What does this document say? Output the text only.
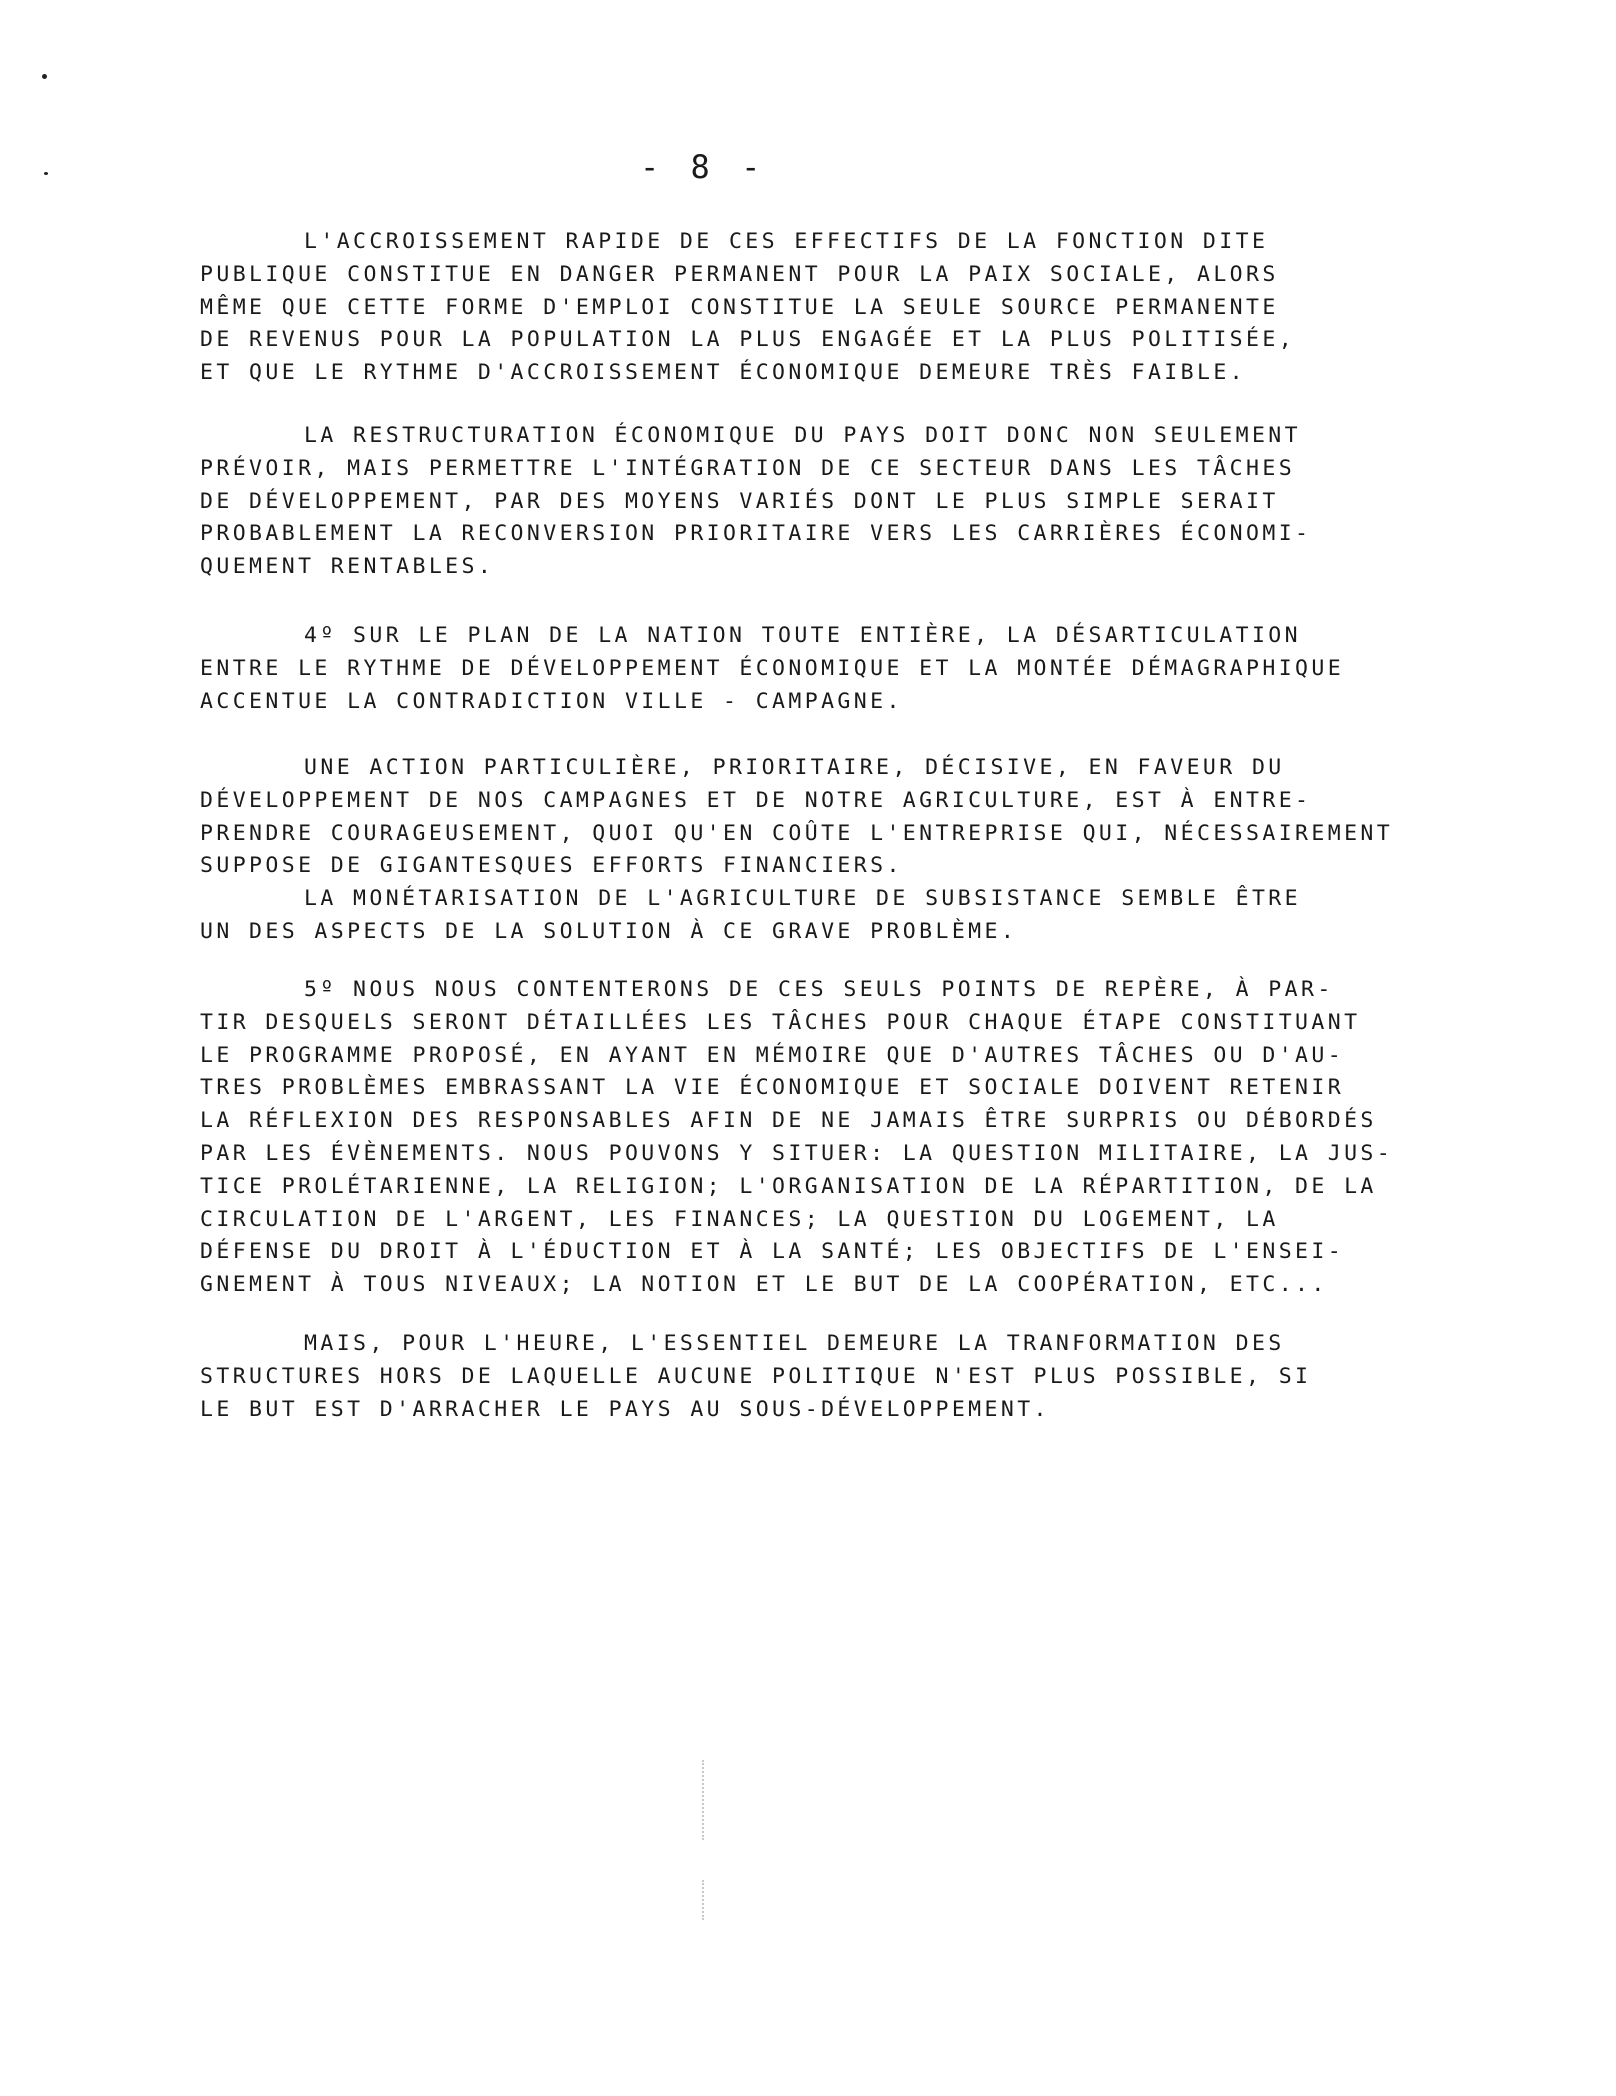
- 8 -
L'ACCROISSEMENT RAPIDE DE CES EFFECTIFS DE LA FONCTION DITE
PUBLIQUE CONSTITUE EN DANGER PERMANENT POUR LA PAIX SOCIALE, ALORS
MÊME QUE CETTE FORME D'EMPLOI CONSTITUE LA SEULE SOURCE PERMANENTE
DE REVENUS POUR LA POPULATION LA PLUS ENGAGÉE ET LA PLUS POLITISÉE,
ET QUE LE RYTHME D'ACCROISSEMENT ÉCONOMIQUE DEMEURE TRÈS FAIBLE.
LA RESTRUCTURATION ÉCONOMIQUE DU PAYS DOIT DONC NON SEULEMENT
PRÉVOIR, MAIS PERMETTRE L'INTÉGRATION DE CE SECTEUR DANS LES TÂCHES
DE DÉVELOPPEMENT, PAR DES MOYENS VARIÉS DONT LE PLUS SIMPLE SERAIT
PROBABLEMENT LA RECONVERSION PRIORITAIRE VERS LES CARRIÈRES ÉCONOMI-
QUEMENT RENTABLES.
4º SUR LE PLAN DE LA NATION TOUTE ENTIÈRE, LA DÉSARTICULATION
ENTRE LE RYTHME DE DÉVELOPPEMENT ÉCONOMIQUE ET LA MONTÉE DÉMAGRAPHIQUE
ACCENTUE LA CONTRADICTION VILLE - CAMPAGNE.
UNE ACTION PARTICULIÈRE, PRIORITAIRE, DÉCISIVE, EN FAVEUR DU
DÉVELOPPEMENT DE NOS CAMPAGNES ET DE NOTRE AGRICULTURE, EST À ENTRE-
PRENDRE COURAGEUSEMENT, QUOI QU'EN COÛTE L'ENTREPRISE QUI, NÉCESSAIREMENT
SUPPOSE DE GIGANTESQUES EFFORTS FINANCIERS.
LA MONÉTARISATION DE L'AGRICULTURE DE SUBSISTANCE SEMBLE ÊTRE
UN DES ASPECTS DE LA SOLUTION À CE GRAVE PROBLÈME.
5º NOUS NOUS CONTENTERONS DE CES SEULS POINTS DE REPÈRE, À PAR-
TIR DESQUELS SERONT DÉTAILLÉES LES TÂCHES POUR CHAQUE ÉTAPE CONSTITUANT
LE PROGRAMME PROPOSÉ, EN AYANT EN MÉMOIRE QUE D'AUTRES TÂCHES OU D'AU-
TRES PROBLÈMES EMBRASSANT LA VIE ÉCONOMIQUE ET SOCIALE DOIVENT RETENIR
LA RÉFLEXION DES RESPONSABLES AFIN DE NE JAMAIS ÊTRE SURPRIS OU DÉBORDÉS
PAR LES ÉVÈNEMENTS. NOUS POUVONS Y SITUER: LA QUESTION MILITAIRE, LA JUS-
TICE PROLÉTARIENNE, LA RELIGION; L'ORGANISATION DE LA RÉPARTITION, DE LA
CIRCULATION DE L'ARGENT, LES FINANCES; LA QUESTION DU LOGEMENT, LA
DÉFENSE DU DROIT À L'ÉDUCTION ET À LA SANTÉ; LES OBJECTIFS DE L'ENSEI-
GNEMENT À TOUS NIVEAUX; LA NOTION ET LE BUT DE LA COOPÉRATION, ETC...
MAIS, POUR L'HEURE, L'ESSENTIEL DEMEURE LA TRANFORMATION DES
STRUCTURES HORS DE LAQUELLE AUCUNE POLITIQUE N'EST PLUS POSSIBLE, SI
LE BUT EST D'ARRACHER LE PAYS AU SOUS-DÉVELOPPEMENT.
